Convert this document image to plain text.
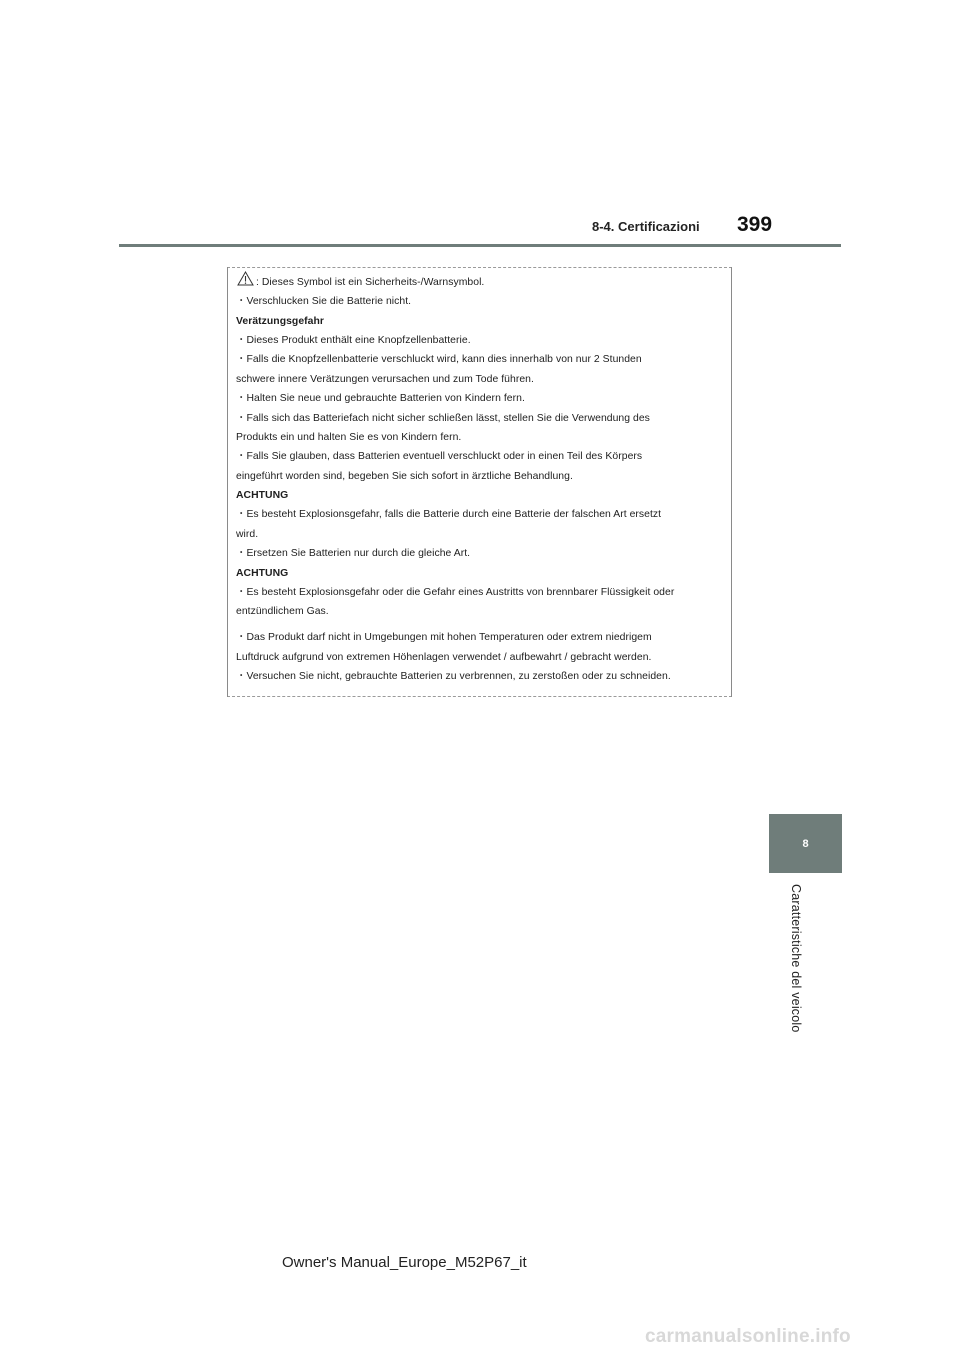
8-4. Certificazioni 399
: Dieses Symbol ist ein Sicherheits-/Warnsymbol.
・Verschlucken Sie die Batterie nicht.
Verätzungsgefahr
・Dieses Produkt enthält eine Knopfzellenbatterie.
・Falls die Knopfzellenbatterie verschluckt wird, kann dies innerhalb von nur 2 Stunden
schwere innere Verätzungen verursachen und zum Tode führen.
・Halten Sie neue und gebrauchte Batterien von Kindern fern.
・Falls sich das Batteriefach nicht sicher schließen lässt, stellen Sie die Verwendung des
Produkts ein und halten Sie es von Kindern fern.
・Falls Sie glauben, dass Batterien eventuell verschluckt oder in einen Teil des Körpers
eingeführt worden sind, begeben Sie sich sofort in ärztliche Behandlung.
ACHTUNG
・Es besteht Explosionsgefahr, falls die Batterie durch eine Batterie der falschen Art ersetzt
wird.
・Ersetzen Sie Batterien nur durch die gleiche Art.
ACHTUNG
・Es besteht Explosionsgefahr oder die Gefahr eines Austritts von brennbarer Flüssigkeit oder
entzündlichem Gas.
・Das Produkt darf nicht in Umgebungen mit hohen Temperaturen oder extrem niedrigem
Luftdruck aufgrund von extremen Höhenlagen verwendet / aufbewahrt / gebracht werden.
・Versuchen Sie nicht, gebrauchte Batterien zu verbrennen, zu zerstoßen oder zu schneiden.
8
Caratteristiche del veicolo
Owner's Manual_Europe_M52P67_it
carmanualsonline.info
